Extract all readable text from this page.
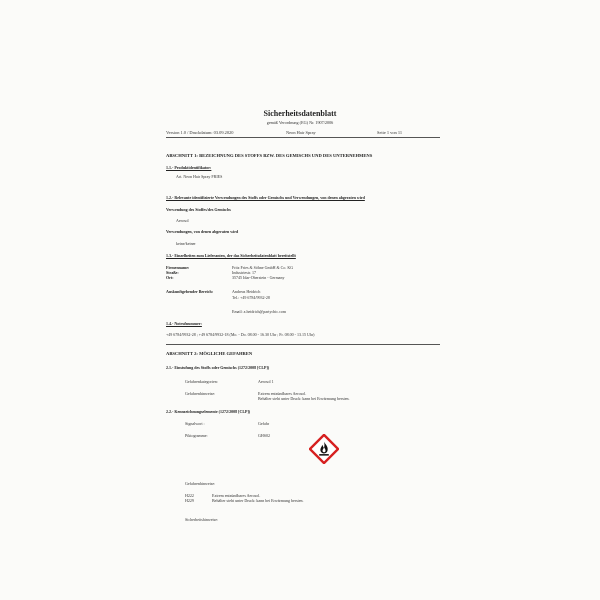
Sicherheitsdatenblatt
gemäß Verordnung (EG) Nr. 1907/2006
Version 1.0 / Druckdatum: 03.09.2020	Neon Hair Spray	Seite 1 von 11
ABSCHNITT 1: BEZEICHNUNG DES STOFFS BZW. DES GEMISCHS UND DES UNTERNEHMENS
1.1.- Produktidentifikator:
Art. Neon Hair Spray FRIES
1.2.- Relevante identifizierte Verwendungen des Stoffs oder Gemischs und Verwendungen, von denen abgeraten wird
Verwendung des Stoffes/des Gemischs
Aerosol
Verwendungen, von denen abgeraten wird
keine/keiner
1.3.- Einzelheiten zum Lieferanten, der das Sicherheitsdatenblatt bereitstellt
Firmenname:	Fritz Fries & Söhne GmbH & Co. KG
Straße:	Industriestr. 17
Ort:	35745 Idar-Oberstein - Germany
Auskunftgebender Bereich:	Andreas Heidrich
Tel.: +49 6784/9932-28
Email: a.heidrich@partychic.com
1.4.- Notrufnummer:
+49 6784/9932-28 ; +49 6784/9932-18 (Mo. - Do. 08.00 - 16.30 Uhr ; Fr. 08.00 - 13.15 Uhr)
ABSCHNITT 2: MÖGLICHE GEFAHREN
2.1.- Einstufung des Stoffs oder Gemischs (1272/2008 [CLP])
Gefahrenkategorien:	Aerosol 1
Gefahrenhinweise:	Extrem entzündbares Aerosol.
Behälter steht unter Druck: kann bei Erwärmung bersten.
2.2.- Kennzeichnungselemente (1272/2008 [CLP])
Signalwort :	Gefahr
Piktogramme:	GHS02
Gefahrenhinweise:
H222	Extrem entzündbares Aerosol.
H229	Behälter steht unter Druck: kann bei Erwärmung bersten.
Sicherheitshinweise:
